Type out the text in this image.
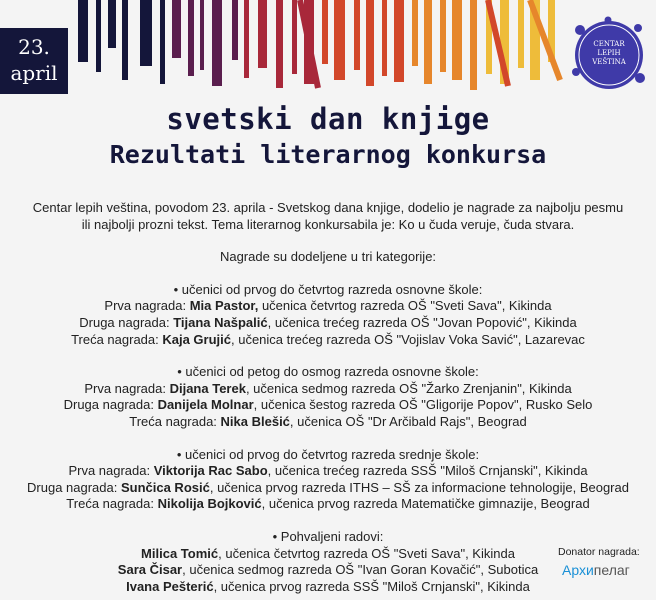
23.
april
CENTAR
LEPIH
VEŠTINA
svetski dan knjige
Rezultati literarnog konkursa

Centar lepih veština, povodom 23. aprila - Svetskog dana knjige, dodelio je nagrade za najbolju pesmu

ili najbolji prozni tekst. Tema literarnog konkursabila je: Ko u čuda veruje, čuda stvara.

Nagrade su dodeljene u tri kategorije:

• učenici od prvog do četvrtog razreda osnovne škole:

Prva nagrada: Mia Pastor, učenica četvrtog razreda OŠ "Sveti Sava", Kikinda

Druga nagrada: Tijana Našpalić, učenica trećeg razreda OŠ "Jovan Popović", Kikinda

Treća nagrada: Kaja Grujić, učenica trećeg razreda OŠ "Vojislav Voka Savić", Lazarevac

• učenici od petog do osmog razreda osnovne škole:

Prva nagrada: Dijana Terek, učenica sedmog razreda OŠ "Žarko Zrenjanin", Kikinda

Druga nagrada: Danijela Molnar, učenica šestog razreda OŠ "Gligorije Popov", Rusko Selo

Treća nagrada: Nika Blešić, učenica OŠ "Dr Arčibald Rajs", Beograd

• učenici od prvog do četvrtog razreda srednje škole:

Prva nagrada: Viktorija Rac Sabo, učenica trećeg razreda SSŠ "Miloš Crnjanski", Kikinda

Druga nagrada: Sunčica Rosić, učenica prvog razreda ITHS – SŠ za informacione tehnologije, Beograd

Treća nagrada: Nikolija Bojković, učenica prvog razreda Matematičke gimnazije, Beograd

• Pohvaljeni radovi:

Milica Tomić, učenica četvrtog razreda OŠ "Sveti Sava", Kikinda

Sara Čisar, učenica sedmog razreda OŠ "Ivan Goran Kovačić", Subotica

Ivana Pešterić, učenica prvog razreda SSŠ "Miloš Crnjanski", Kikinda

Donator nagrada:
Архипелаг
